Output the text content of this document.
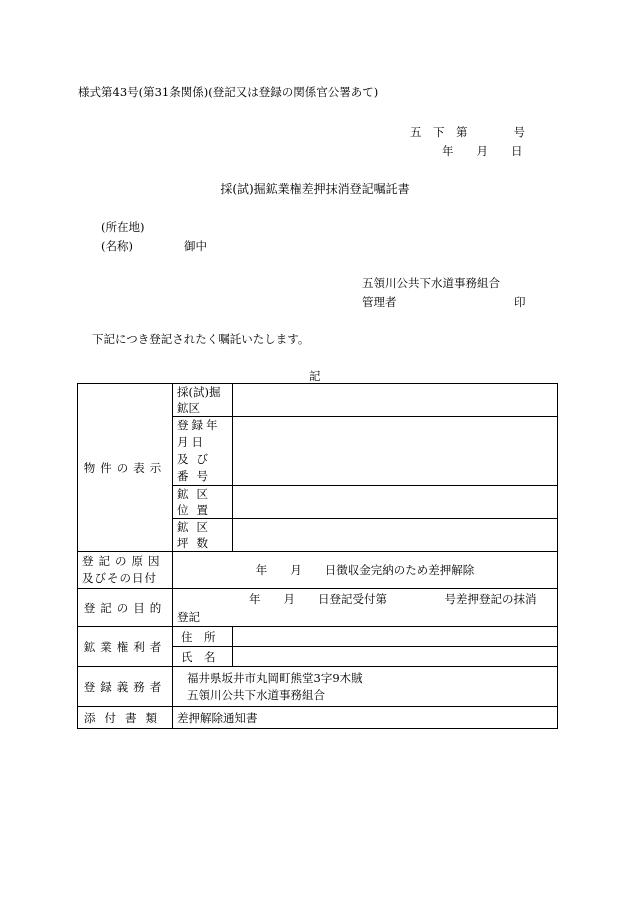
様式第43号(第31条関係)(登記又は登録の関係官公署あて)
五　下　第　　　　号
年　　月　　日
採(試)掘鉱業権差押抹消登記嘱託書
(所在地)
(名称)	御中
五領川公共下水道事務組合
管理者	印
下記につき登記されたく嘱託いたします。
記
物件の表示	採(試)掘鉱区	

	登録年月日
及び番号	

	鉱区位置	
	鉱区坪数	

登記の原因
及びその日付	年　　月　　日徴収金完納のため差押解除	
登記の目的	年　　月　　日登記受付第　　　　　号差押登記の抹消
登記	

鉱業権利者	住　所	
	氏　名	
登録義務者	福井県坂井市丸岡町熊堂3字9木賊
五領川公共下水道事務組合	

添付書類	差押解除通知書	
